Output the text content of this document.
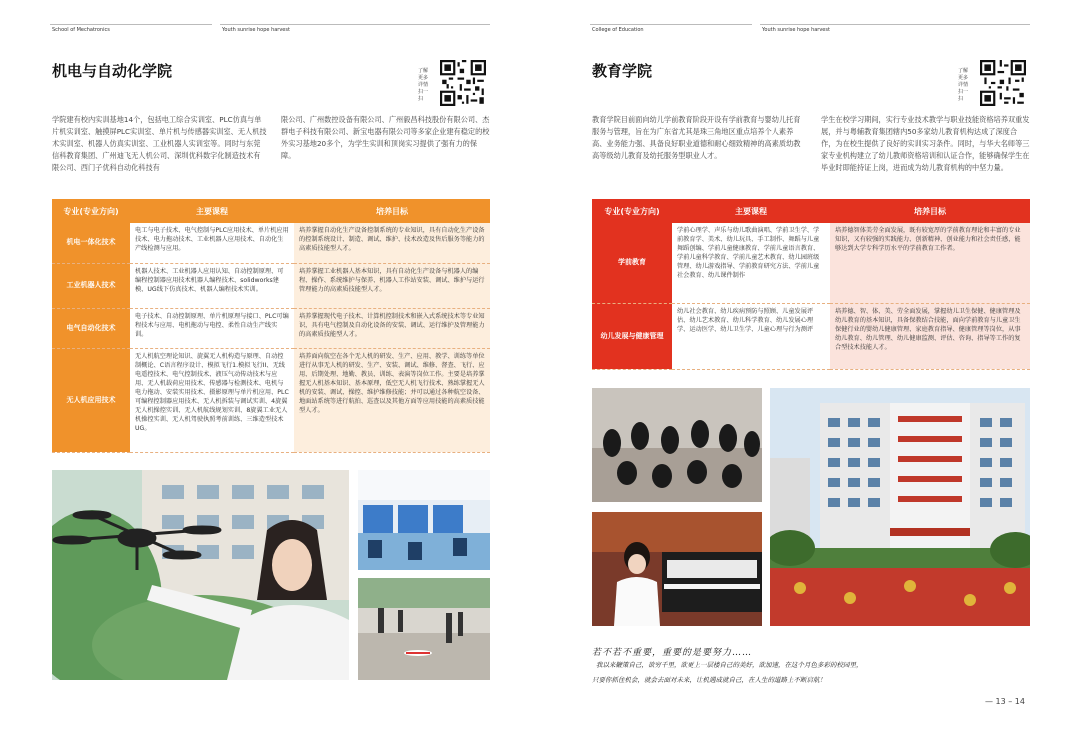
School of Mechatronics	Youth sunrise hope harvest
机电与自动化学院	了解更多详情 扫一扫
学院建有校内实训基地14个，包括电工综合实训室、PLC仿真与单片机实训室、触摸屏PLC实训室、单片机与传感器实训室、无人机技术实训室、机器人仿真实训室、工业机器人实训室等。同时与东莞信科教育集团、广州迪飞无人机公司、深圳优科数字化制造技术有限公司、西门子优科自动化科技有
限公司、广州数控设备有限公司、广州毅昌科技股份有限公司、杰群电子科技有限公司、新宝电器有限公司等多家企业建有稳定的校外实习基地20多个，为学生实训和顶岗实习提供了强有力的保障。
专业(专业方向)	主要课程	培养目标
机电一体化技术	电工与电子技术、电气控制与PLC应用技术、单片机应用技术、电力拖动技术、工业机器人应用技术、自动化生产线检测与应用。	培养掌握自动化生产设备控制系统的专业知识，具有自动化生产设备的控制系统设计、制造、调试、维护、技术改造及售后服务等能力的高素质技能型人才。
工业机器人技术	机器人技术、工业机器人应用认知、自动控制原理、可编程控制器应用技术机器人编程技术、solidworks建模、UG线下仿真技术、机器人编程技术实训。	培养掌握工业机器人基本知识，具有自动化生产设备与机器人的编程、操作、系统维护与保养、机器人工作站安装、调试、维护与运行管理能力的高素质技能型人才。
电气自动化技术	电子技术、自动控制原理、单片机原理与接口、PLC可编程技术与应用、电机拖动与电控、柔性自动生产线实训。	培养掌握现代电子技术、计算机控制技术和嵌入式系统技术等专业知识，具有电气控制及自动化设备的安装、调试、运行维护及管理能力的高素质技能型人才。
无人机应用技术	无人机航空理论知识、旋翼无人机构造与原理、自动控制概论、C语言程序设计、模拟飞行1.模拟飞行II、无线电遥控技术、电气控制技术、液压气动传动技术与应用、无人机载荷应用技术、传感器与检测技术、电机与电力拖动、安装实用技术、摄影原理与单片机应用、PLC可编程控制器应用技术、无人机拆装与调试实训、4旋翼无人机操控实训、无人机航线规划实训、8旋翼工业无人机操控实训、无人机驾驶执照考前训练、三维造型技术UG。	培养面向航空在各个无人机的研发、生产、应用、教学、训练等单位进行从事无人机的研发、生产、安装、调试、维修、督查、飞行、应用、后期处理、地勤、教员、训练、表演等岗位工作。主要是培养掌握无人机基本知识、基本原理，低空无人机飞行技术、熟练掌握无人机的安装、调试、操控、维护维修技能；并可以通过各种航空设备、地面站系统等进行航拍、巡查以及其他方面等应用技能的高素质技能型人才。
College of Education	Youth sunrise hope harvest
教育学院	了解更多详情 扫一扫
教育学院目前面向幼儿学前教育阶段开设有学前教育与婴幼儿托育服务与管理，旨在为广东省尤其是珠三角地区重点培养个人素养高、业务能力强、具备良好职业道德和耐心细致精神的高素质幼教高等级幼儿教育及幼托服务型职业人才。
学生在校学习期间，实行专业技术教学与职业技能资格培养双重发展，并与粤辅教育集团辖内50多家幼儿教育机构达成了深度合作，为在校生提供了良好的实训实习条件。同时，与华大名师等三家专业机构建立了幼儿教师资格培训和认证合作，能够确保学生在毕业时即能持证上岗，进而成为幼儿教育机构的中坚力量。
专业(专业方向)	主要课程	培养目标
学前教育	学前心理学、声乐与幼儿歌曲演唱、学前卫生学、学前教育学、美术、幼儿玩具、手工制作、舞蹈与儿童舞蹈创编、学前儿童健康教育、学前儿童语言教育、学前儿童科学教育、学前儿童艺术教育、幼儿园班级管理、幼儿游戏指导、学前教育研究方法、学前儿童社会教育、幼儿课件制作	培养德智体美劳全面发展，既有较宽厚的学前教育理论和丰富的专业知识，又有较强的实践能力、创新精神、创业能力和社会责任感，能够达到大学专科学历水平的学前教育工作者。
幼儿发展与健康管理	幼儿社会教育、幼儿疾病预防与照顾、儿童发展评估、幼儿艺术教育、幼儿科学教育、幼儿发展心理学、运动医学、幼儿卫生学、儿童心理与行为测评	培养德、智、体、美、劳全面发展，掌握幼儿卫生保健、健康管理及幼儿教育的基本知识，具备保教结合技能，面向学前教育与儿童卫生保健行业的婴幼儿健康管理、家庭教育指导、健康管理等岗位，从事幼儿教育、幼儿管理、幼儿健康监测、评估、咨询、指导等工作的复合型技术技能人才。
若不若不重要，重要的是要努力……
我以来鞭策自己，欲穷千里，欲更上一层楼自己的美好，欲加速，在这个月色多彩的校园里，
只要你抓住机会，就会去面对未来，让机遇成就自己，在人生的道路上不断启航！
— 13 – 14
